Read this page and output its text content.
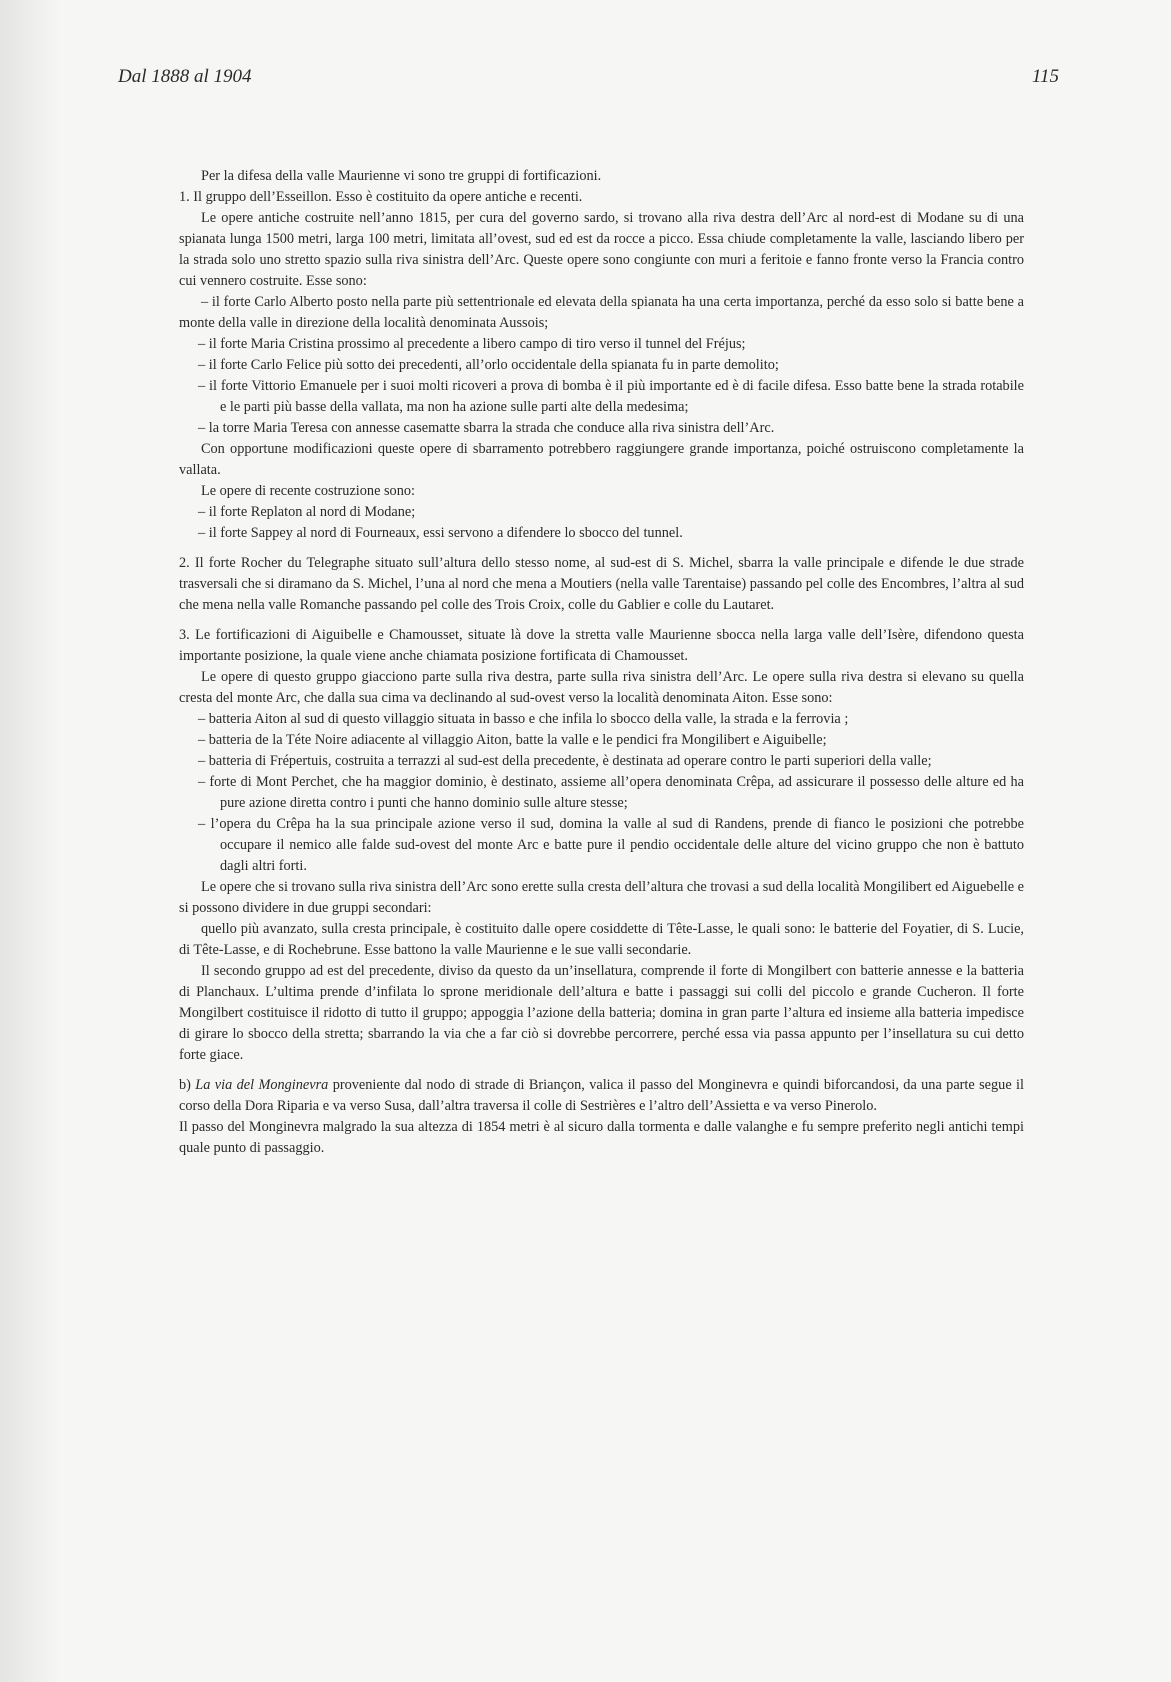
Dal 1888 al 1904	115

Per la difesa della valle Maurienne vi sono tre gruppi di fortificazioni.

1. Il gruppo dell’Esseillon. Esso è costituito da opere antiche e recenti.

Le opere antiche costruite nell’anno 1815, per cura del governo sardo, si trovano alla riva destra dell’Arc al nord-est di Modane su di una spianata lunga 1500 metri, larga 100 metri, limitata all’ovest, sud ed est da rocce a picco. Essa chiude completamente la valle, lasciando libero per la strada solo uno stretto spazio sulla riva sinistra dell’Arc. Queste opere sono congiunte con muri a feritoie e fanno fronte verso la Francia contro cui vennero costruite. Esse sono:

– il forte Carlo Alberto posto nella parte più settentrionale ed elevata della spianata ha una certa importanza, perché da esso solo si batte bene a monte della valle in direzione della località denominata Aussois;

– il forte Maria Cristina prossimo al precedente a libero campo di tiro verso il tunnel del Fréjus;

– il forte Carlo Felice più sotto dei precedenti, all’orlo occidentale della spianata fu in parte demolito;

– il forte Vittorio Emanuele per i suoi molti ricoveri a prova di bomba è il più importante ed è di facile difesa. Esso batte bene la strada rotabile e le parti più basse della vallata, ma non ha azione sulle parti alte della medesima;

– la torre Maria Teresa con annesse casematte sbarra la strada che conduce alla riva sinistra dell’Arc.

Con opportune modificazioni queste opere di sbarramento potrebbero raggiungere grande importanza, poiché ostruiscono completamente la vallata.

Le opere di recente costruzione sono:

– il forte Replaton al nord di Modane;

– il forte Sappey al nord di Fourneaux, essi servono a difendere lo sbocco del tunnel.

2. Il forte Rocher du Telegraphe situato sull’altura dello stesso nome, al sud-est di S. Michel, sbarra la valle principale e difende le due strade trasversali che si diramano da S. Michel, l’una al nord che mena a Moutiers (nella valle Tarentaise) passando pel colle des Encombres, l’altra al sud che mena nella valle Romanche passando pel colle des Trois Croix, colle du Gablier e colle du Lautaret.

3. Le fortificazioni di Aiguibelle e Chamousset, situate là dove la stretta valle Maurienne sbocca nella larga valle dell’Isère, difendono questa importante posizione, la quale viene anche chiamata posizione fortificata di Chamousset.

Le opere di questo gruppo giacciono parte sulla riva destra, parte sulla riva sinistra dell’Arc. Le opere sulla riva destra si elevano su quella cresta del monte Arc, che dalla sua cima va declinando al sud-ovest verso la località denominata Aiton. Esse sono:

– batteria Aiton al sud di questo villaggio situata in basso e che infila lo sbocco della valle, la strada e la ferrovia ;

– batteria de la Téte Noire adiacente al villaggio Aiton, batte la valle e le pendici fra Mongilibert e Aiguibelle;

– batteria di Frépertuis, costruita a terrazzi al sud-est della precedente, è destinata ad operare contro le parti superiori della valle;

– forte di Mont Perchet, che ha maggior dominio, è destinato, assieme all’opera denominata Crêpa, ad assicurare il possesso delle alture ed ha pure azione diretta contro i punti che hanno dominio sulle alture stesse;

– l’opera du Crêpa ha la sua principale azione verso il sud, domina la valle al sud di Randens, prende di fianco le posizioni che potrebbe occupare il nemico alle falde sud-ovest del monte Arc e batte pure il pendio occidentale delle alture del vicino gruppo che non è battuto dagli altri forti.

Le opere che si trovano sulla riva sinistra dell’Arc sono erette sulla cresta dell’altura che trovasi a sud della località Mongilibert ed Aiguebelle e si possono dividere in due gruppi secondari:

quello più avanzato, sulla cresta principale, è costituito dalle opere cosiddette di Tête-Lasse, le quali sono: le batterie del Foyatier, di S. Lucie, di Tête-Lasse, e di Rochebrune. Esse battono la valle Maurienne e le sue valli secondarie.

Il secondo gruppo ad est del precedente, diviso da questo da un’insellatura, comprende il forte di Mongilbert con batterie annesse e la batteria di Planchaux. L’ultima prende d’infilata lo sprone meridionale dell’altura e batte i passaggi sui colli del piccolo e grande Cucheron. Il forte Mongilbert costituisce il ridotto di tutto il gruppo; appoggia l’azione della batteria; domina in gran parte l’altura ed insieme alla batteria impedisce di girare lo sbocco della stretta; sbarrando la via che a far ciò si dovrebbe percorrere, perché essa via passa appunto per l’insellatura su cui detto forte giace.

b) La via del Monginevra proveniente dal nodo di strade di Briançon, valica il passo del Monginevra e quindi biforcandosi, da una parte segue il corso della Dora Riparia e va verso Susa, dall’altra traversa il colle di Sestrières e l’altro dell’Assietta e va verso Pinerolo.

Il passo del Monginevra malgrado la sua altezza di 1854 metri è al sicuro dalla tormenta e dalle valanghe e fu sempre preferito negli antichi tempi quale punto di passaggio.
